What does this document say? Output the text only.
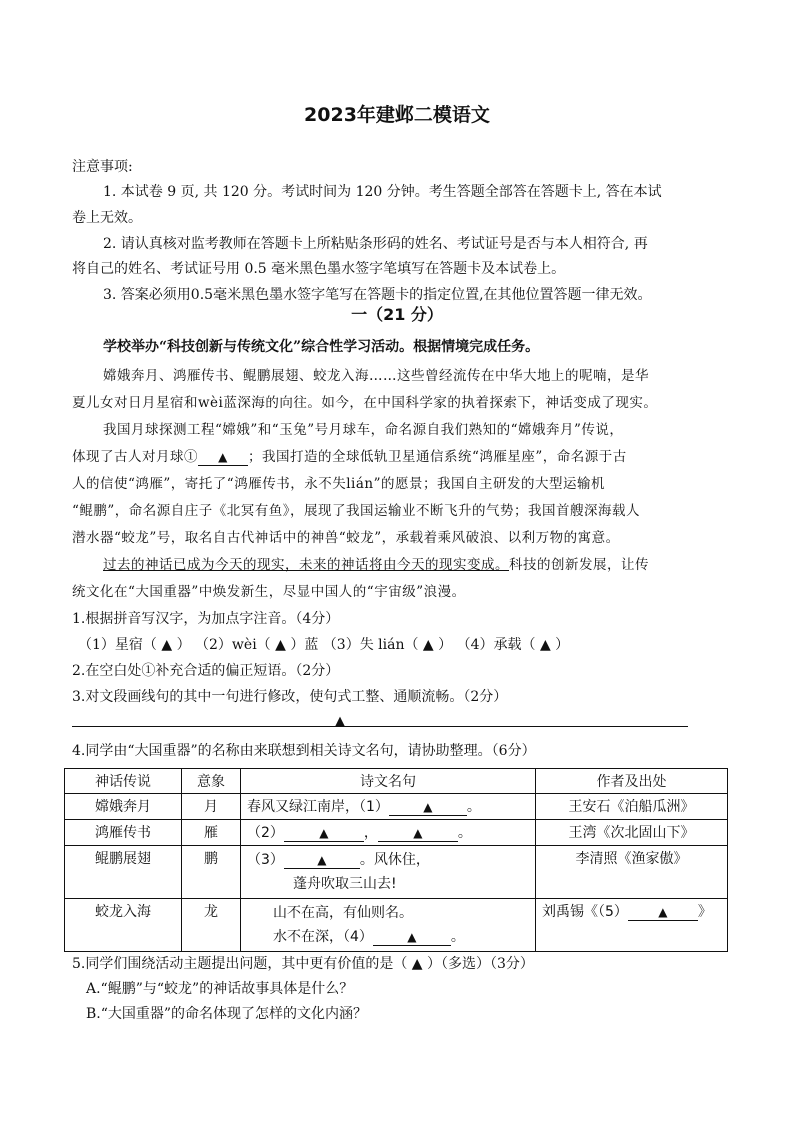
2023年建邺二模语文
注意事项:
1. 本试卷 9 页, 共 120 分。考试时间为 120 分钟。考生答题全部答在答题卡上, 答在本试
卷上无效。
2. 请认真核对监考教师在答题卡上所粘贴条形码的姓名、考试证号是否与本人相符合, 再
将自己的姓名、考试证号用 0.5 毫米黑色墨水签字笔填写在答题卡及本试卷上。
3. 答案必须用0.5毫米黑色墨水签字笔写在答题卡的指定位置,在其他位置答题一律无效。
一（21 分）
学校举办“科技创新与传统文化”综合性学习活动。根据情境完成任务。
嫦娥奔月、鸿雁传书、鲲鹏展翅、蛟龙入海……这些曾经流传在中华大地上的呢喃，是华
夏儿女对日月星宿和wèi蓝深海的向往。如今，在中国科学家的执着探索下，神话变成了现实。
我国月球探测工程“嫦娥”和“玉兔”号月球车，命名源自我们熟知的“嫦娥奔月”传说，
体现了古人对月球① ▲ ；我国打造的全球低轨卫星通信系统“鸿雁星座”，命名源于古
人的信使“鸿雁”，寄托了“鸿雁传书，永不失lián”的愿景；我国自主研发的大型运输机
“鲲鹏”，命名源自庄子《北冥有鱼》，展现了我国运输业不断飞升的气势；我国首艘深海载人
潜水器“蛟龙”号，取名自古代神话中的神兽“蛟龙”，承载着乘风破浪、以利万物的寓意。
过去的神话已成为今天的现实，未来的神话将由今天的现实变成。科技的创新发展，让传
统文化在“大国重器”中焕发新生，尽显中国人的“宇宙级”浪漫。
1.根据拼音写汉字，为加点字注音。（4分）
（1）星宿（ ▲ ） （2）wèi（ ▲ ）蓝 （3）失 lián（ ▲ ） （4）承载（ ▲ ）
2.在空白处①补充合适的偏正短语。（2分）
3.对文段画线句的其中一句进行修改，使句式工整、通顺流畅。（2分）
▲
4.同学由“大国重器”的名称由来联想到相关诗文名句，请协助整理。（6分）
神话传说	意象	诗文名句	作者及出处
嫦娥奔月	月	春风又绿江南岸，（1） ▲ 。	王安石《泊船瓜洲》
鸿雁传书	雁	（2） ▲ ， ▲ 。	王湾《次北固山下》
鲲鹏展翅	鹏	（3） ▲ 。风休住，
蓬舟吹取三山去!	李清照《渔家傲》
蛟龙入海	龙	山不在高，有仙则名。
水不在深，（4） ▲ 。	刘禹锡《（5） ▲ 》
5.同学们围绕活动主题提出问题，其中更有价值的是（ ▲ ）（多选）（3分）
A.“鲲鹏”与“蛟龙”的神话故事具体是什么？
B.“大国重器”的命名体现了怎样的文化内涵？
